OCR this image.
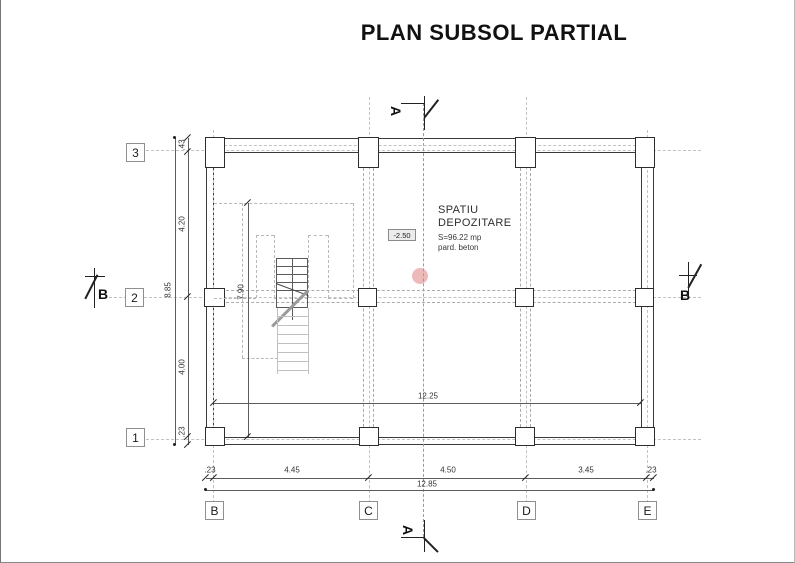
PLAN SUBSOL PARTIAL
.43
4.20
8.85
4.00
.23
.23	4.45	4.50	3.45	.23
12.85
12.25
7.90
3
2
1
B	C	D	E
A
A
B	B
SPATIU
DEPOZITARE
S=96.22 mp
pard. beton
-2.50
